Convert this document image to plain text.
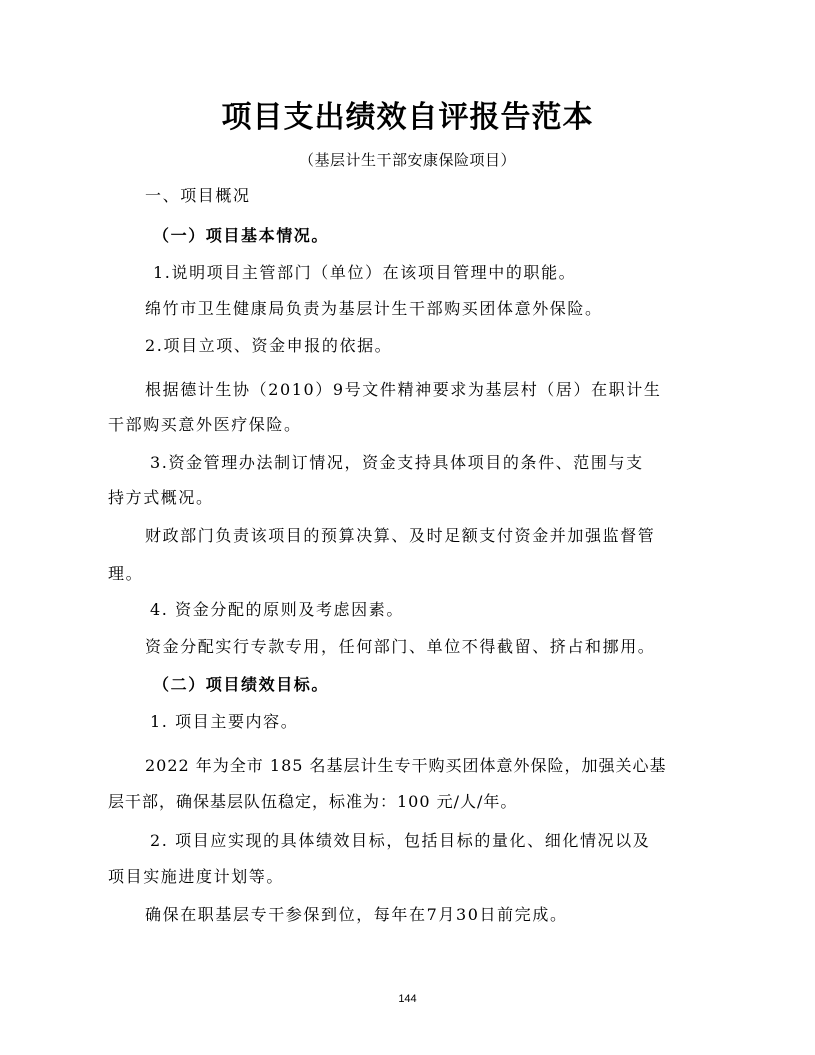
项目支出绩效自评报告范本
（基层计生干部安康保险项目）
一、项目概况
（一）项目基本情况。
1.说明项目主管部门（单位）在该项目管理中的职能。
绵竹市卫生健康局负责为基层计生干部购买团体意外保险。
2.项目立项、资金申报的依据。
根据德计生协（2010）9号文件精神要求为基层村（居）在职计生
干部购买意外医疗保险。
3.资金管理办法制订情况，资金支持具体项目的条件、范围与支
持方式概况。
财政部门负责该项目的预算决算、及时足额支付资金并加强监督管
理。
4. 资金分配的原则及考虑因素。
资金分配实行专款专用，任何部门、单位不得截留、挤占和挪用。
（二）项目绩效目标。
1. 项目主要内容。
2022 年为全市 185 名基层计生专干购买团体意外保险，加强关心基
层干部，确保基层队伍稳定，标准为：100 元/人/年。
2. 项目应实现的具体绩效目标，包括目标的量化、细化情况以及
项目实施进度计划等。
确保在职基层专干参保到位，每年在7月30日前完成。
144
